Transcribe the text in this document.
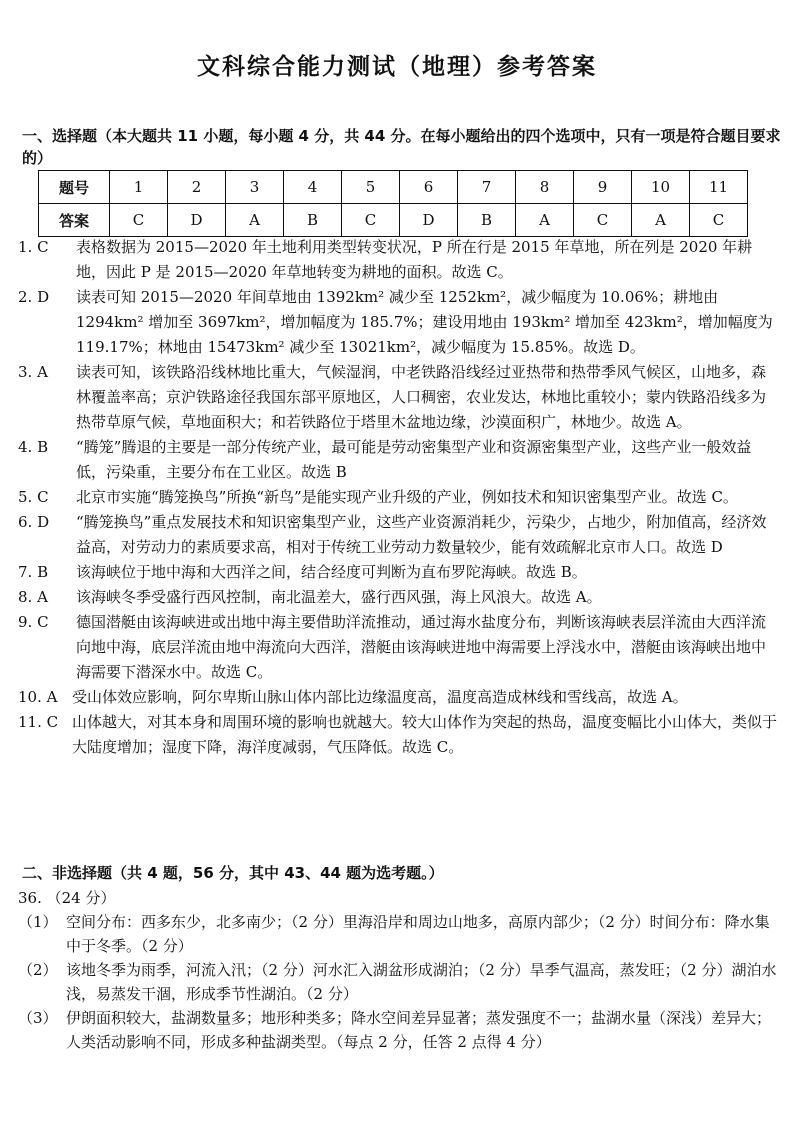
文科综合能力测试（地理）参考答案
一、选择题（本大题共 11 小题，每小题 4 分，共 44 分。在每小题给出的四个选项中，只有一项是符合题目要求的）
题号	1	2	3	4	5	6	7	8	9	10	11
答案	C	D	A	B	C	D	B	A	C	A	C
1. C	表格数据为 2015—2020 年土地利用类型转变状况，P 所在行是 2015 年草地，所在列是 2020 年耕地，因此 P 是 2015—2020 年草地转变为耕地的面积。故选 C。
2. D	读表可知 2015—2020 年间草地由 1392km² 减少至 1252km²，减少幅度为 10.06%；耕地由 1294km² 增加至 3697km²，增加幅度为 185.7%；建设用地由 193km² 增加至 423km²，增加幅度为 119.17%；林地由 15473km² 减少至 13021km²，减少幅度为 15.85%。故选 D。
3. A	读表可知，该铁路沿线林地比重大，气候湿润，中老铁路沿线经过亚热带和热带季风气候区，山地多，森林覆盖率高；京沪铁路途径我国东部平原地区，人口稠密，农业发达，林地比重较小；蒙内铁路沿线多为热带草原气候，草地面积大；和若铁路位于塔里木盆地边缘，沙漠面积广，林地少。故选 A。
4. B	“腾笼”腾退的主要是一部分传统产业，最可能是劳动密集型产业和资源密集型产业，这些产业一般效益低，污染重，主要分布在工业区。故选 B
5. C	北京市实施“腾笼换鸟”所换“新鸟”是能实现产业升级的产业，例如技术和知识密集型产业。故选 C。
6. D	“腾笼换鸟”重点发展技术和知识密集型产业，这些产业资源消耗少，污染少，占地少，附加值高，经济效益高，对劳动力的素质要求高，相对于传统工业劳动力数量较少，能有效疏解北京市人口。故选 D
7. B	该海峡位于地中海和大西洋之间，结合经度可判断为直布罗陀海峡。故选 B。
8. A	该海峡冬季受盛行西风控制，南北温差大，盛行西风强，海上风浪大。故选 A。
9. C	德国潜艇由该海峡进或出地中海主要借助洋流推动，通过海水盐度分布，判断该海峡表层洋流由大西洋流向地中海，底层洋流由地中海流向大西洋，潜艇由该海峡进地中海需要上浮浅水中，潜艇由该海峡出地中海需要下潜深水中。故选 C。
10. A 受山体效应影响，阿尔卑斯山脉山体内部比边缘温度高，温度高造成林线和雪线高，故选 A。
11. C 山体越大，对其本身和周围环境的影响也就越大。较大山体作为突起的热岛，温度变幅比小山体大，类似于大陆度增加；湿度下降，海洋度减弱，气压降低。故选 C。
二、非选择题（共 4 题，56 分，其中 43、44 题为选考题。）
36. （24 分）
（1） 空间分布：西多东少，北多南少；（2 分）里海沿岸和周边山地多，高原内部少；（2 分）时间分布：降水集中于冬季。（2 分）
（2） 该地冬季为雨季，河流入汛；（2 分）河水汇入湖盆形成湖泊；（2 分）旱季气温高，蒸发旺；（2 分）湖泊水浅，易蒸发干涸，形成季节性湖泊。（2 分）
（3） 伊朗面积较大，盐湖数量多；地形种类多；降水空间差异显著；蒸发强度不一；盐湖水量（深浅）差异大；人类活动影响不同，形成多种盐湖类型。（每点 2 分，任答 2 点得 4 分）
